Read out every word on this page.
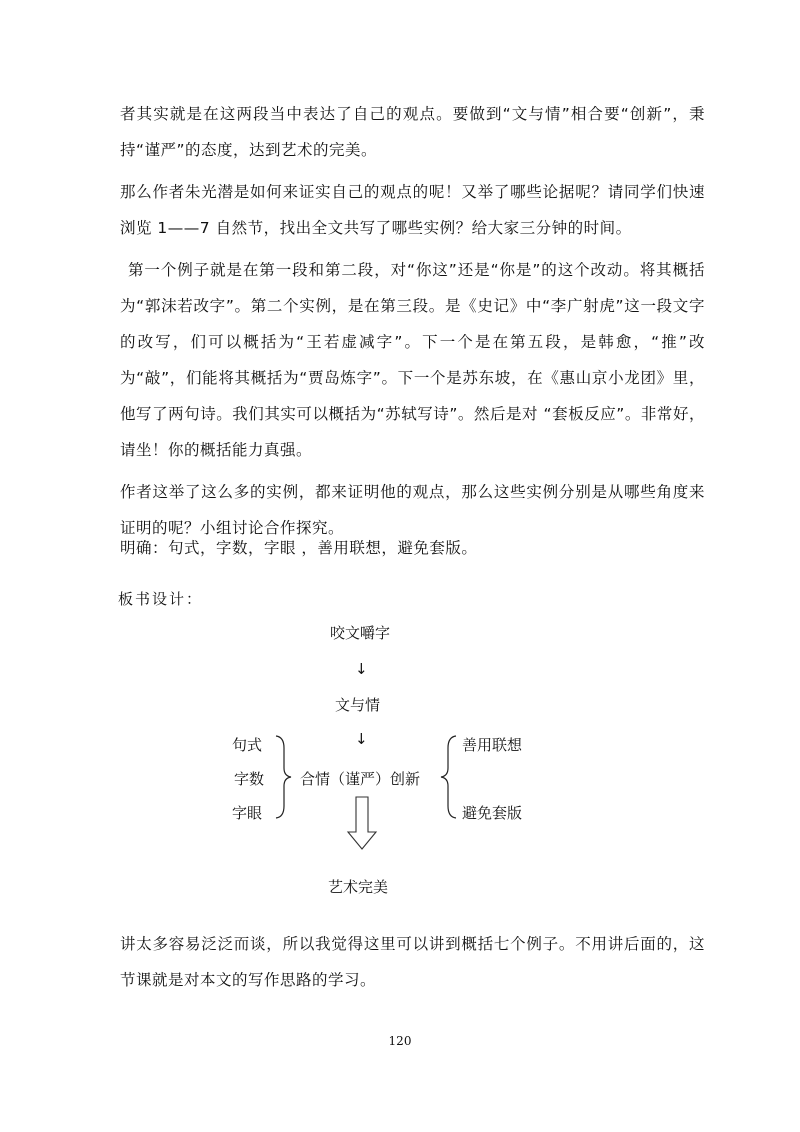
者其实就是在这两段当中表达了自己的观点。要做到“文与情”相合要“创新”，秉持“谨严”的态度，达到艺术的完美。

那么作者朱光潜是如何来证实自己的观点的呢！又举了哪些论据呢？请同学们快速浏览 1——7 自然节，找出全文共写了哪些实例？给大家三分钟的时间。

第一个例子就是在第一段和第二段，对“你这”还是“你是”的这个改动。将其概括为“郭沫若改字”。第二个实例，是在第三段。是《史记》中“李广射虎”这一段文字的改写，们可以概括为“王若虚减字”。下一个是在第五段，是韩愈，“推”改为“敲”，们能将其概括为“贾岛炼字”。下一个是苏东坡，在《惠山京小龙团》里，他写了两句诗。我们其实可以概括为“苏轼写诗”。然后是对 “套板反应”。非常好，请坐！你的概括能力真强。

作者这举了这么多的实例，都来证明他的观点，那么这些实例分别是从哪些角度来证明的呢？小组讨论合作探究。

明确：句式，字数，字眼 ，善用联想，避免套版。

板书设计：
咬文嚼字
↓
文与情
↓
句式
字数
字眼
合情（谨严）创新
善用联想
避免套版
艺术完美

讲太多容易泛泛而谈，所以我觉得这里可以讲到概括七个例子。不用讲后面的，这节课就是对本文的写作思路的学习。

120
